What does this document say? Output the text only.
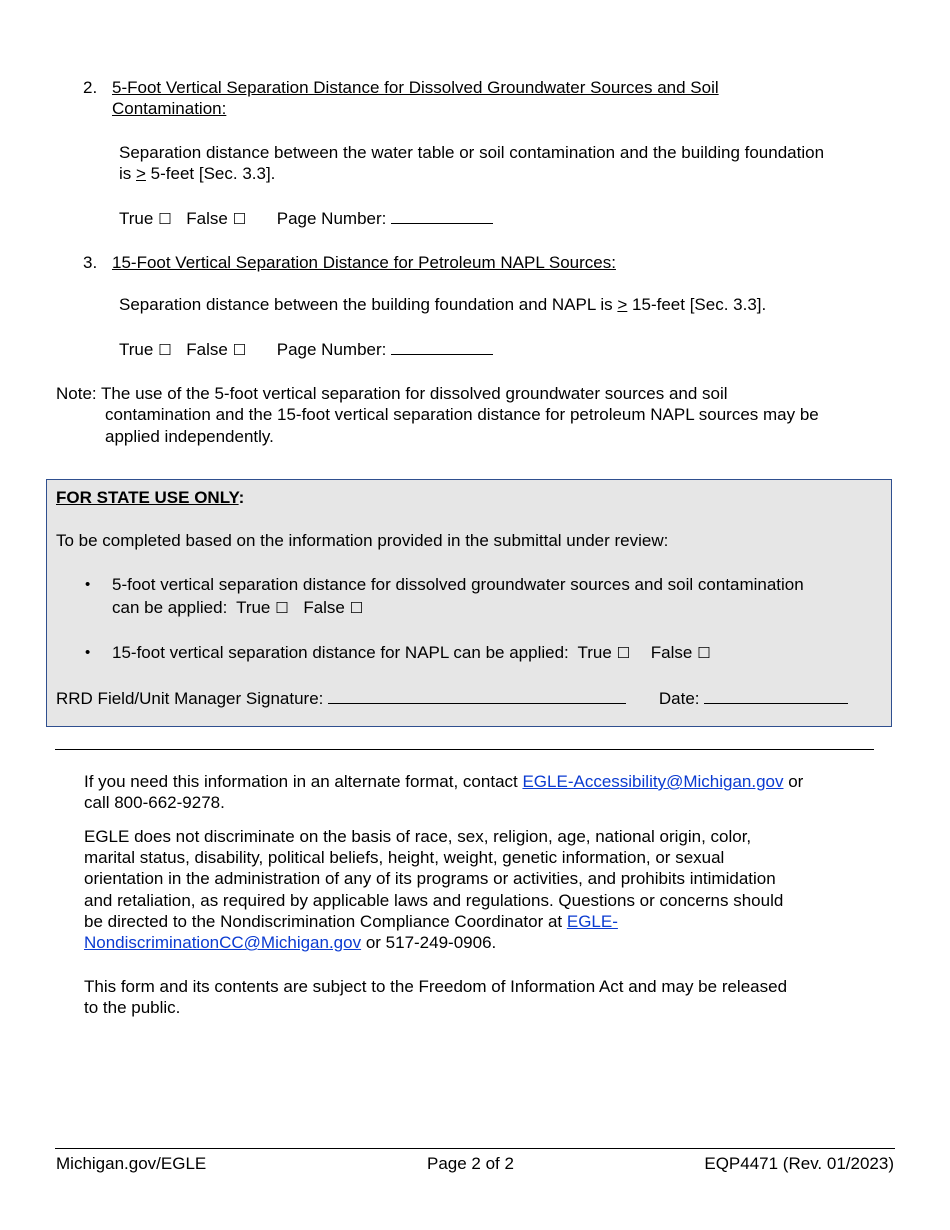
2. 5-Foot Vertical Separation Distance for Dissolved Groundwater Sources and Soil
Contamination:
Separation distance between the water table or soil contamination and the building foundation
is ≥ 5-feet [Sec. 3.3].
True ☐ False ☐ Page Number:
3. 15-Foot Vertical Separation Distance for Petroleum NAPL Sources:
Separation distance between the building foundation and NAPL is ≥ 15-feet [Sec. 3.3].
True ☐ False ☐ Page Number:
Note: The use of the 5-foot vertical separation for dissolved groundwater sources and soil
contamination and the 15-foot vertical separation distance for petroleum NAPL sources may be
applied independently.
FOR STATE USE ONLY:
To be completed based on the information provided in the submittal under review:
• 5-foot vertical separation distance for dissolved groundwater sources and soil contamination
can be applied: True ☐ False ☐
• 15-foot vertical separation distance for NAPL can be applied: True ☐ False ☐
RRD Field/Unit Manager Signature:	Date:
If you need this information in an alternate format, contact EGLE-Accessibility@Michigan.gov or
call 800-662-9278.
EGLE does not discriminate on the basis of race, sex, religion, age, national origin, color,
marital status, disability, political beliefs, height, weight, genetic information, or sexual
orientation in the administration of any of its programs or activities, and prohibits intimidation
and retaliation, as required by applicable laws and regulations. Questions or concerns should
be directed to the Nondiscrimination Compliance Coordinator at EGLE-
NondiscriminationCC@Michigan.gov or 517-249-0906.
This form and its contents are subject to the Freedom of Information Act and may be released
to the public.
Michigan.gov/EGLE	Page 2 of 2	EQP4471 (Rev. 01/2023)
